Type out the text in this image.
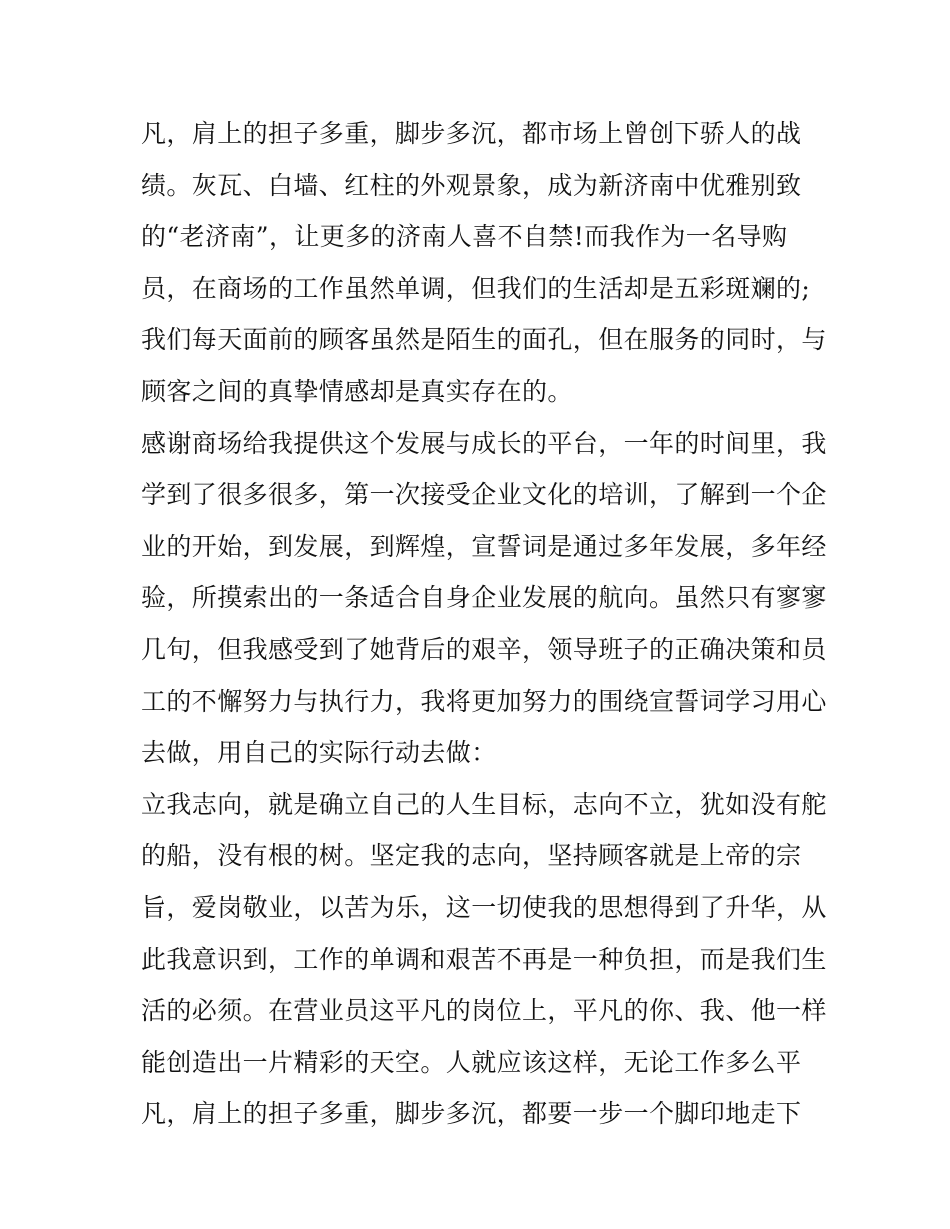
凡，肩上的担子多重，脚步多沉，都市场上曾创下骄人的战
绩。灰瓦、白墙、红柱的外观景象，成为新济南中优雅别致
的“老济南”，让更多的济南人喜不自禁!而我作为一名导购
员，在商场的工作虽然单调，但我们的生活却是五彩斑斓的;
我们每天面前的顾客虽然是陌生的面孔，但在服务的同时，与
顾客之间的真挚情感却是真实存在的。
感谢商场给我提供这个发展与成长的平台，一年的时间里，我
学到了很多很多，第一次接受企业文化的培训，了解到一个企
业的开始，到发展，到辉煌，宣誓词是通过多年发展，多年经
验，所摸索出的一条适合自身企业发展的航向。虽然只有寥寥
几句，但我感受到了她背后的艰辛，领导班子的正确决策和员
工的不懈努力与执行力，我将更加努力的围绕宣誓词学习用心
去做，用自己的实际行动去做：
立我志向，就是确立自己的人生目标，志向不立，犹如没有舵
的船，没有根的树。坚定我的志向，坚持顾客就是上帝的宗
旨，爱岗敬业，以苦为乐，这一切使我的思想得到了升华，从
此我意识到，工作的单调和艰苦不再是一种负担，而是我们生
活的必须。在营业员这平凡的岗位上，平凡的你、我、他一样
能创造出一片精彩的天空。人就应该这样，无论工作多么平
凡，肩上的担子多重，脚步多沉，都要一步一个脚印地走下
